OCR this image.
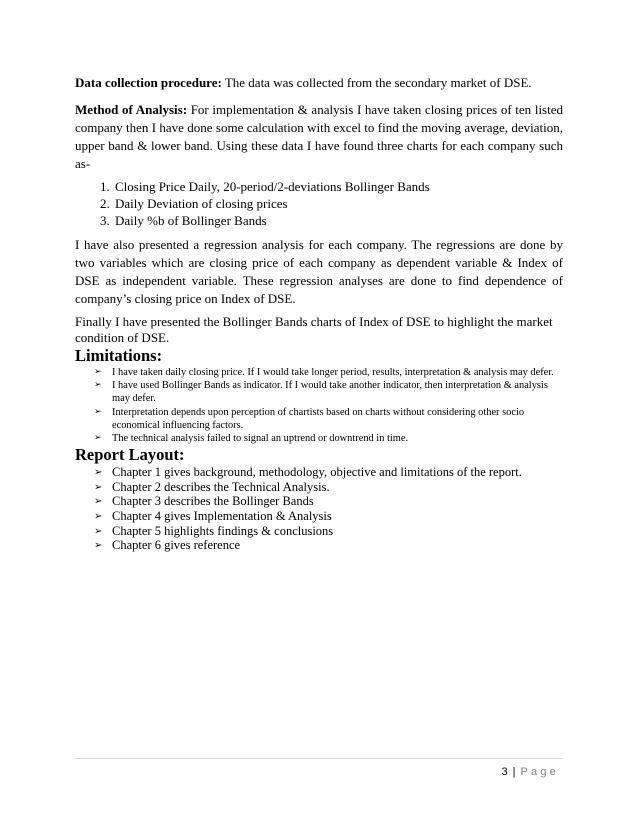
Data collection procedure: The data was collected from the secondary market of DSE.

Method of Analysis: For implementation & analysis I have taken closing prices of ten listed company then I have done some calculation with excel to find the moving average, deviation, upper band & lower band. Using these data I have found three charts for each company such as-

1. Closing Price Daily, 20-period/2-deviations Bollinger Bands
2. Daily Deviation of closing prices
3. Daily %b of Bollinger Bands

I have also presented a regression analysis for each company. The regressions are done by two variables which are closing price of each company as dependent variable & Index of DSE as independent variable. These regression analyses are done to find dependence of company’s closing price on Index of DSE.

Finally I have presented the Bollinger Bands charts of Index of DSE to highlight the market condition of DSE.

Limitations:
➢ I have taken daily closing price. If I would take longer period, results, interpretation & analysis may defer.
➢ I have used Bollinger Bands as indicator. If I would take another indicator, then interpretation & analysis may defer.
➢ Interpretation depends upon perception of chartists based on charts without considering other socio economical influencing factors.
➢ The technical analysis failed to signal an uptrend or downtrend in time.
Report Layout:
➢ Chapter 1 gives background, methodology, objective and limitations of the report.
➢ Chapter 2 describes the Technical Analysis.
➢ Chapter 3 describes the Bollinger Bands
➢ Chapter 4 gives Implementation & Analysis
➢ Chapter 5 highlights findings & conclusions
➢ Chapter 6 gives reference
3 | Page
